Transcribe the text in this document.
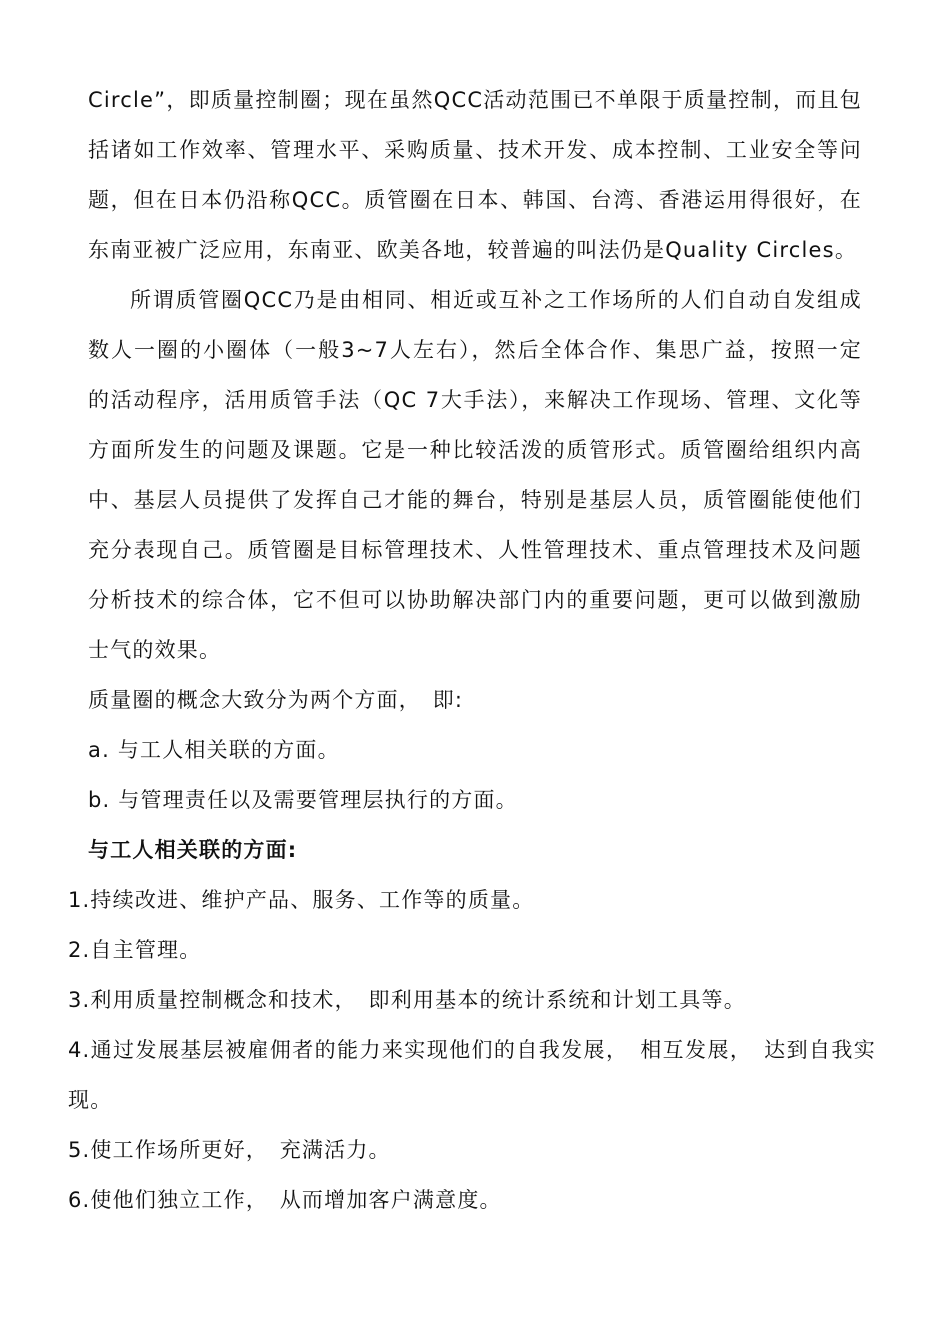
Circle”，即质量控制圈；现在虽然QCC活动范围已不单限于质量控制，而且包
括诸如工作效率、管理水平、采购质量、技术开发、成本控制、工业安全等问
题，但在日本仍沿称QCC。质管圈在日本、韩国、台湾、香港运用得很好，在
东南亚被广泛应用，东南亚、欧美各地，较普遍的叫法仍是Quality Circles。
所谓质管圈QCC乃是由相同、相近或互补之工作场所的人们自动自发组成
数人一圈的小圈体（一般3~7人左右），然后全体合作、集思广益，按照一定
的活动程序，活用质管手法（QC 7大手法），来解决工作现场、管理、文化等
方面所发生的问题及课题。它是一种比较活泼的质管形式。质管圈给组织内高
中、基层人员提供了发挥自己才能的舞台，特别是基层人员，质管圈能使他们
充分表现自己。质管圈是目标管理技术、人性管理技术、重点管理技术及问题
分析技术的综合体，它不但可以协助解决部门内的重要问题，更可以做到激励
士气的效果。
质量圈的概念大致分为两个方面，　即:
a. 与工人相关联的方面。
b. 与管理责任以及需要管理层执行的方面。
与工人相关联的方面:
1.持续改进、维护产品、服务、工作等的质量。
2.自主管理。
3.利用质量控制概念和技术，　即利用基本的统计系统和计划工具等。
4.通过发展基层被雇佣者的能力来实现他们的自我发展，　相互发展，　达到自我实
现。
5.使工作场所更好，　充满活力。
6.使他们独立工作，　从而增加客户满意度。
